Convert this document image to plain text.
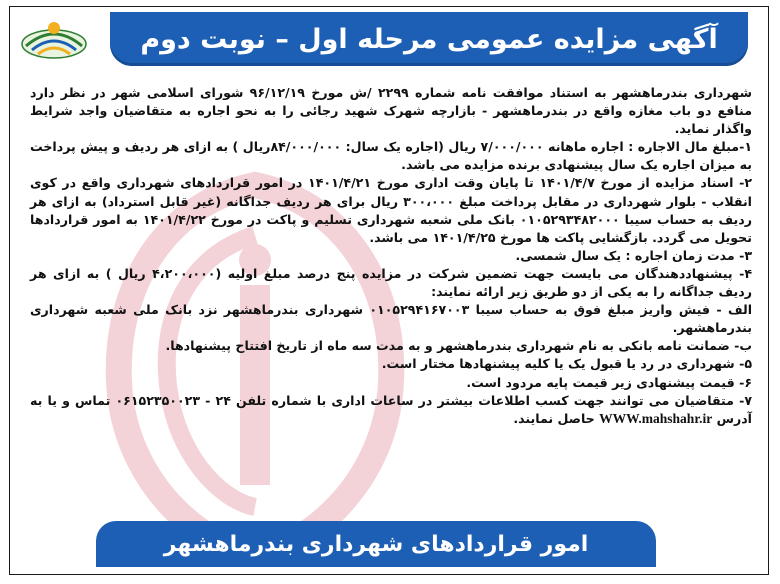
آگهی مزایده عمومی مرحله اول – نوبت دوم

شهرداری بندرماهشهر به استناد موافقت نامه شماره ۲۲۹۹ /ش مورخ ۹۶/۱۲/۱۹ شورای اسلامی شهر در نظر دارد منافع دو باب مغازه واقع در بندرماهشهر - بازارچه شهرک شهید رجائی را به نحو اجاره به متقاضیان واجد شرایط واگذار نماید.

۱-مبلغ مال الاجاره : اجاره ماهانه ۷/۰۰۰/۰۰۰ ریال (اجاره یک سال: ۸۴/۰۰۰/۰۰۰ریال ) به ازای هر ردیف و پیش پرداخت به میزان اجاره یک سال پیشنهادی برنده مزایده می باشد.

۲- اسناد مزایده از مورخ ۱۴۰۱/۴/۷ تا پایان وقت اداری مورخ ۱۴۰۱/۴/۲۱ در امور قراردادهای شهرداری واقع در کوی انقلاب - بلوار شهرداری در مقابل پرداخت مبلغ ۳۰۰،۰۰۰ ریال برای هر ردیف جداگانه (غیر قابل استرداد) به ازای هر ردیف به حساب سیبا ۰۱۰۵۲۹۳۴۸۲۰۰۰ بانک ملی شعبه شهرداری تسلیم و پاکت در مورخ ۱۴۰۱/۴/۲۲ به امور قراردادها تحویل می گردد. بازگشایی پاکت ها مورخ ۱۴۰۱/۴/۲۵ می باشد.

۳- مدت زمان اجاره : یک سال شمسی.

۴- پیشنهاددهندگان می بایست جهت تضمین شرکت در مزایده پنج درصد مبلغ اولیه (۴،۲۰۰،۰۰۰ ریال ) به ازای هر ردیف جداگانه را به یکی از دو طریق زیر ارائه نمایند:

الف - فیش واریز مبلغ فوق به حساب سیبا ۰۱۰۵۲۹۴۱۶۷۰۰۳ شهرداری بندرماهشهر نزد بانک ملی شعبه شهرداری بندرماهشهر.

ب- ضمانت نامه بانکی به نام شهرداری بندرماهشهر و به مدت سه ماه از تاریخ افتتاح پیشنهادها.

۵- شهرداری در رد یا قبول یک یا کلیه پیشنهادها مختار است.

۶- قیمت پیشنهادی زیر قیمت پایه مردود است.

۷- متقاضیان می توانند جهت کسب اطلاعات بیشتر در ساعات اداری با شماره تلفن ۲۴ - ۰۶۱۵۲۳۵۰۰۲۳ تماس و یا به آدرس WWW.mahshahr.ir حاصل نمایند.

امور قراردادهای شهرداری بندرماهشهر
